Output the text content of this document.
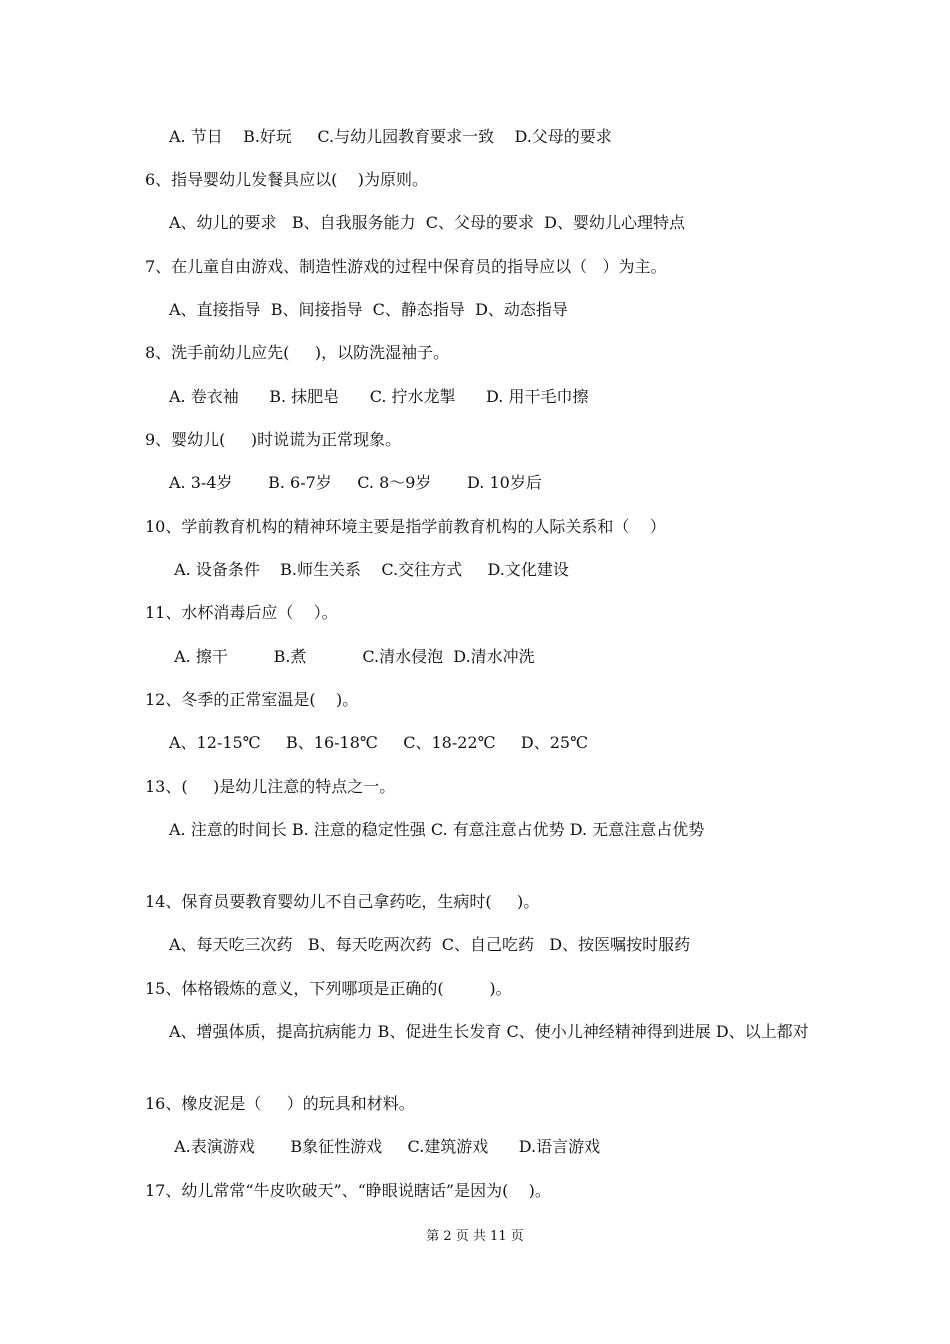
A. 节日    B.好玩     C.与幼儿园教育要求一致    D.父母的要求
6、指导婴幼儿发餐具应以(    )为原则。
A、幼儿的要求   B、自我服务能力  C、父母的要求  D、婴幼儿心理特点
7、在儿童自由游戏、制造性游戏的过程中保育员的指导应以（   ）为主。
A、直接指导  B、间接指导  C、静态指导  D、动态指导
8、洗手前幼儿应先(     )，以防洗湿袖子。
A. 卷衣袖      B. 抹肥皂      C. 拧水龙掣      D. 用干毛巾擦
9、婴幼儿(     )时说谎为正常现象。
A. 3-4岁       B. 6-7岁     C. 8～9岁       D. 10岁后
10、学前教育机构的精神环境主要是指学前教育机构的人际关系和（    ）
A. 设备条件    B.师生关系    C.交往方式     D.文化建设
11、水杯消毒后应（    ）。
A. 擦干         B.煮           C.清水侵泡  D.清水冲洗
12、冬季的正常室温是(    )。
A、12-15℃     B、16-18℃     C、18-22℃     D、25℃
13、(     )是幼儿注意的特点之一。
A. 注意的时间长 B. 注意的稳定性强 C. 有意注意占优势 D. 无意注意占优势
14、保育员要教育婴幼儿不自己拿药吃，生病时(     )。
A、每天吃三次药   B、每天吃两次药  C、自己吃药   D、按医嘱按时服药
15、体格锻炼的意义，下列哪项是正确的(         )。
A、增强体质，提高抗病能力 B、促进生长发育 C、使小儿神经精神得到进展 D、以上都对
16、橡皮泥是（     ）的玩具和材料。
A.表演游戏       B象征性游戏     C.建筑游戏      D.语言游戏
17、幼儿常常“牛皮吹破天”、“睁眼说瞎话”是因为(    )。
第 2 页 共 11 页
